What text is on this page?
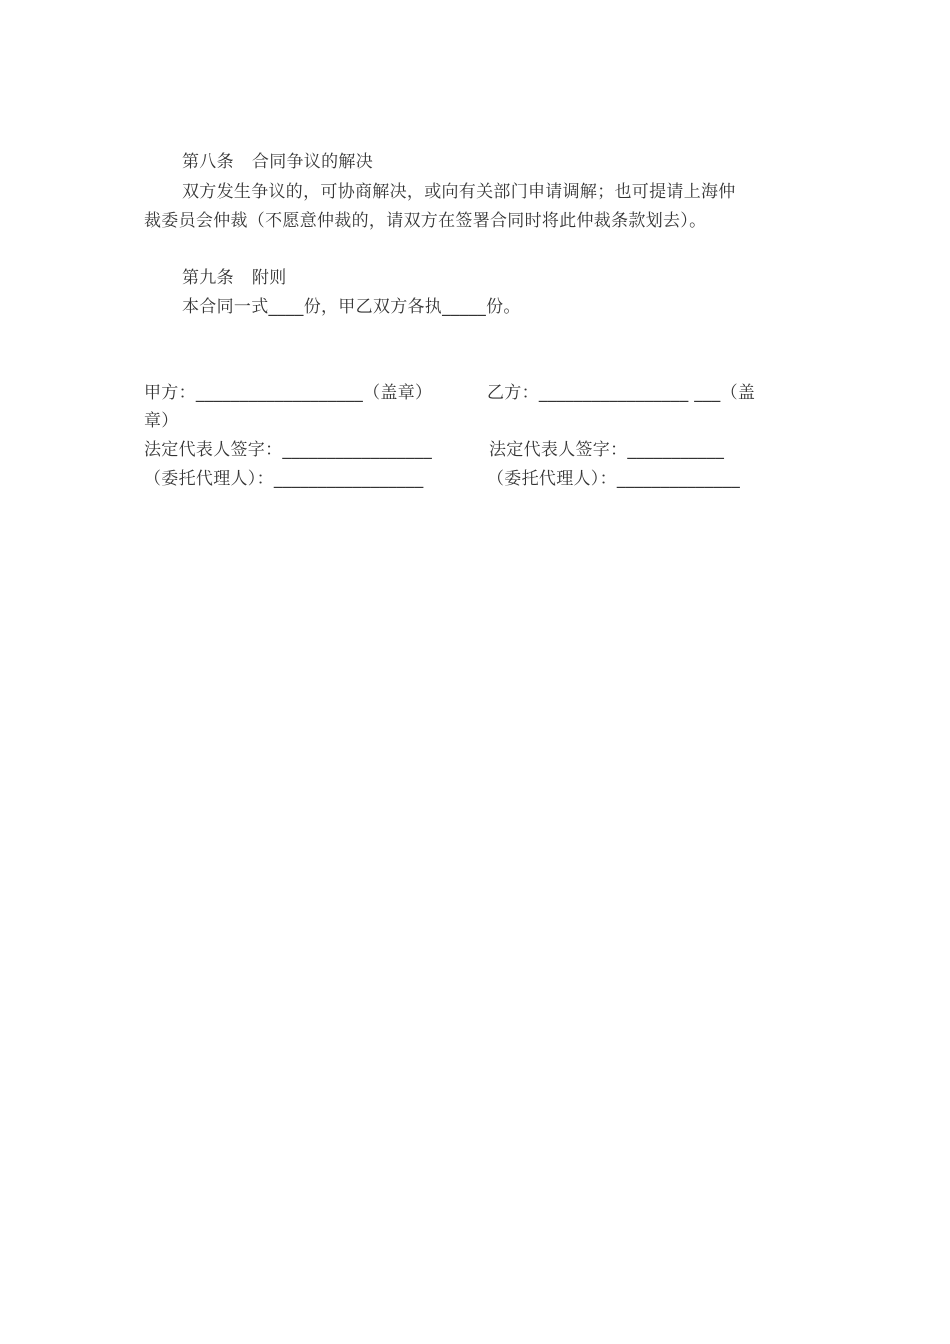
第八条 合同争议的解决
双方发生争议的，可协商解决，或向有关部门申请调解；也可提请上海仲
裁委员会仲裁（不愿意仲裁的，请双方在签署合同时将此仲裁条款划去）。
第九条 附则
本合同一式____份，甲乙双方各执_____份。
甲方：___________________（盖章）	乙方：_________________ ___（盖
章）
法定代表人签字：_________________	法定代表人签字：___________
（委托代理人）：_________________	（委托代理人）：______________
